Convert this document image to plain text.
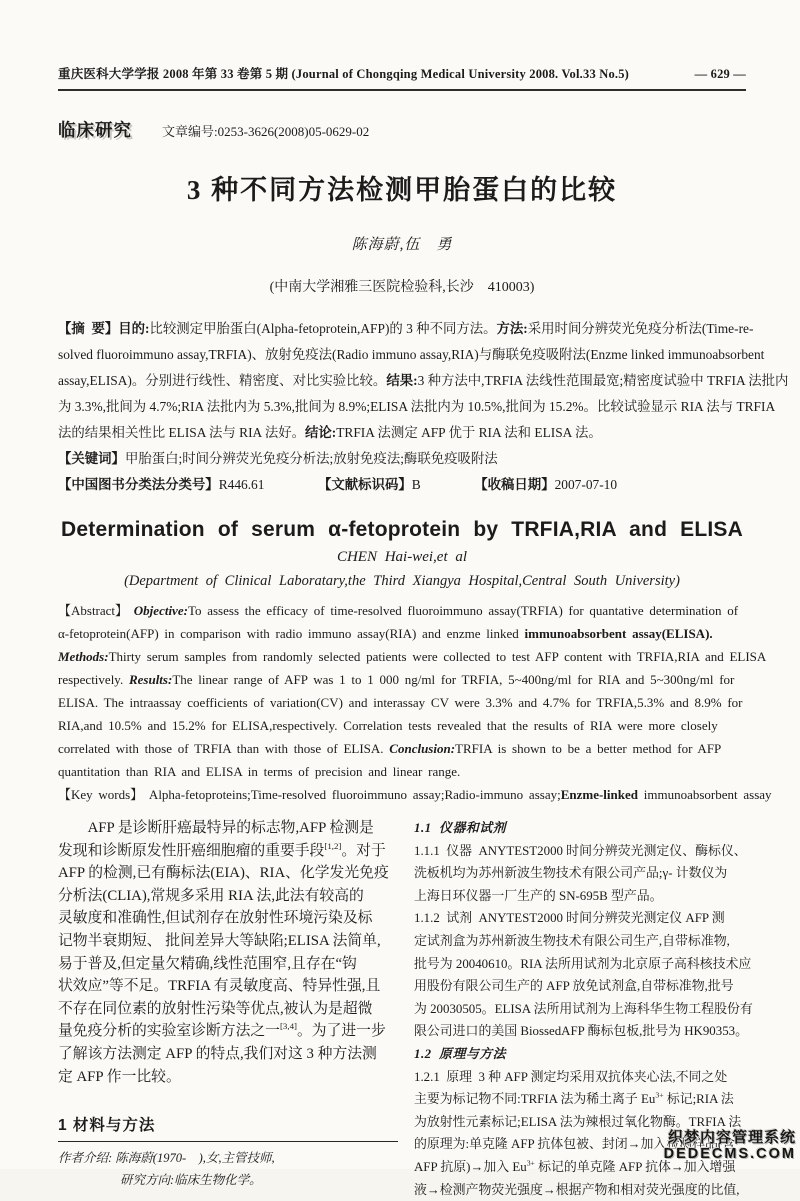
重庆医科大学学报 2008 年第 33 卷第 5 期 (Journal of Chongqing Medical University 2008. Vol.33 No.5)	— 629 —
临床研究 文章编号:0253-3626(2008)05-0629-02
3 种不同方法检测甲胎蛋白的比较
陈海蔚,伍　勇
(中南大学湘雅三医院检验科,长沙　410003)
【摘  要】目的:比较测定甲胎蛋白(Alpha-fetoprotein,AFP)的 3 种不同方法。方法:采用时间分辨荧光免疫分析法(Time-re-
solved fluoroimmuno assay,TRFIA)、放射免疫法(Radio immuno assay,RIA)与酶联免疫吸附法(Enzme linked immunoabsorbent
assay,ELISA)。分别进行线性、精密度、对比实验比较。结果:3 种方法中,TRFIA 法线性范围最宽;精密度试验中 TRFIA 法批内
为 3.3%,批间为 4.7%;RIA 法批内为 5.3%,批间为 8.9%;ELISA 法批内为 10.5%,批间为 15.2%。比较试验显示 RIA 法与 TRFIA
法的结果相关性比 ELISA 法与 RIA 法好。结论:TRFIA 法测定 AFP 优于 RIA 法和 ELISA 法。
【关键词】甲胎蛋白;时间分辨荧光免疫分析法;放射免疫法;酶联免疫吸附法
【中国图书分类法分类号】R446.61                【文献标识码】B                【收稿日期】2007-07-10
Determination of serum α-fetoprotein by TRFIA,RIA and ELISA
CHEN Hai-wei,et al
(Department of Clinical Laboratary,the Third Xiangya Hospital,Central South University)
【Abstract】 Objective:To assess the efficacy of time-resolved fluoroimmuno assay(TRFIA) for quantative determination of
α-fetoprotein(AFP) in comparison with radio immuno assay(RIA) and enzme linked immunoabsorbent assay(ELISA).
Methods:Thirty serum samples from randomly selected patients were collected to test AFP content with TRFIA,RIA and ELISA
respectively. Results:The linear range of AFP was 1 to 1 000 ng/ml for TRFIA, 5~400ng/ml for RIA and 5~300ng/ml for
ELISA. The intraassay coefficients of variation(CV) and interassay CV were 3.3% and 4.7% for TRFIA,5.3% and 8.9% for
RIA,and 10.5% and 15.2% for ELISA,respectively. Correlation tests revealed that the results of RIA were more closely
correlated with those of TRFIA than with those of ELISA. Conclusion:TRFIA is shown to be a better method for AFP
quantitation than RIA and ELISA in terms of precision and linear range.
【Key words】 Alpha-fetoproteins;Time-resolved fluoroimmuno assay;Radio-immuno assay;Enzme-linked immunoabsorbent assay
　　AFP 是诊断肝癌最特异的标志物,AFP 检测是
发现和诊断原发性肝癌细胞瘤的重要手段[1,2]。对于
AFP 的检测,已有酶标法(EIA)、RIA、化学发光免疫
分析法(CLIA),常规多采用 RIA 法,此法有较高的
灵敏度和准确性,但试剂存在放射性环境污染及标
记物半衰期短、 批间差异大等缺陷;ELISA 法简单,
易于普及,但定量欠精确,线性范围窄,且存在“钩
状效应”等不足。TRFIA 有灵敏度高、特异性强,且
不存在同位素的放射性污染等优点,被认为是超微
量免疫分析的实验室诊断方法之一[3,4]。为了进一步
了解该方法测定 AFP 的特点,我们对这 3 种方法测
定 AFP 作一比较。
1 材料与方法
作者介绍: 陈海蔚(1970-　),女,主管技师,
研究方向:临床生物化学。
1.1  仪器和试剂
1.1.1  仪器  ANYTEST2000 时间分辨荧光测定仪、酶标仪、
洗板机均为苏州新波生物技术有限公司产品;γ- 计数仪为
上海日环仪器一厂生产的 SN-695B 型产品。
1.1.2  试剂  ANYTEST2000 时间分辨荧光测定仪 AFP 测
定试剂盒为苏州新波生物技术有限公司生产,自带标准物,
批号为 20040610。RIA 法所用试剂为北京原子高科核技术应
用股份有限公司生产的 AFP 放免试剂盒,自带标准物,批号
为 20030505。ELISA 法所用试剂为上海科华生物工程股份有
限公司进口的美国 BiossedAFP 酶标包板,批号为 HK90353。
1.2  原理与方法
1.2.1  原理  3 种 AFP 测定均采用双抗体夹心法,不同之处
主要为标记物不同:TRFIA 法为稀土离子 $Eu^{3+}$ 标记;RIA 法
为放射性元素标记;ELISA 法为辣根过氧化物酶。TRFIA 法
的原理为:单克隆 AFP 抗体包被、封闭→加入检测样品(含
AFP 抗原)→加入 $Eu^{3+}$ 标记的单克隆 AFP 抗体→加入增强
液→检测产物荧光强度→根据产物和相对荧光强度的比值,
织梦内容管理系统
DEDECMS.COM
